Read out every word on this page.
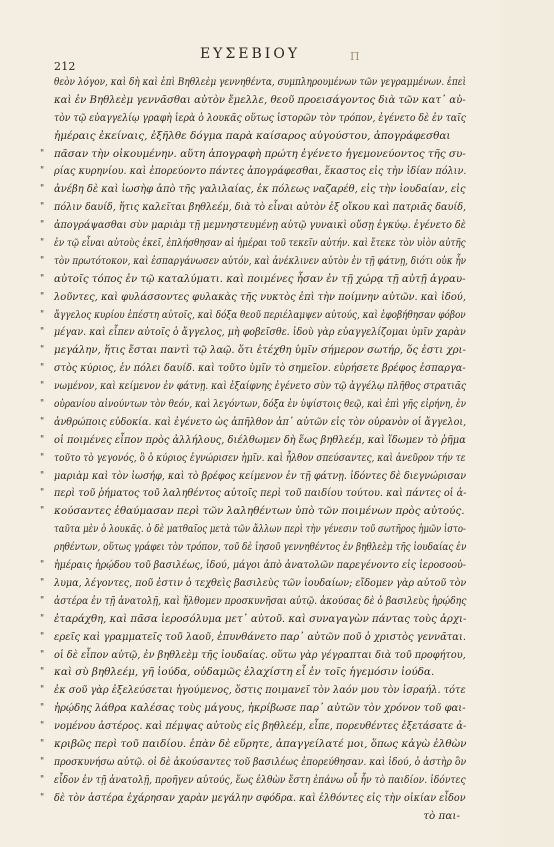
ΕΥΣΕΒΙΟΥ
212
Π
θεὸν λόγον, καὶ δὴ καὶ ἐπὶ Βηθλεὲμ γεννηθέντα, συμπληρουμένων τῶν γεγραμμένων. ἐπεὶ
καὶ ἐν Βηθλεὲμ γεννᾶσθαι αὐτὸν ἔμελλε, θεοῦ προεισάγοντος διὰ τῶν κατ᾿ αὐ-
τὸν τῷ εὐαγγελίῳ γραφὴ ἱερὰ ὁ λουκᾶς οὕτως ἱστορῶν τὸν τρόπον, ἐγένετο δὲ ἐν ταῖς
ἡμέραις ἐκείναις, ἐξῆλθε δόγμα παρὰ καίσαρος αὐγούστου, ἀπογράφεσθαι
" πᾶσαν τὴν οἰκουμένην. αὕτη ἀπογραφὴ πρώτη ἐγένετο ἡγεμονεύοντος τῆς συ-
" ρίας κυρηνίου. καὶ ἐπορεύοντο πάντες ἀπογράφεσθαι, ἕκαστος εἰς τὴν ἰδίαν πόλιν.
" ἀνέβη δὲ καὶ ἰωσὴφ ἀπὸ τῆς γαλιλαίας, ἐκ πόλεως ναζαρέθ, εἰς τὴν ἰουδαίαν, εἰς
" πόλιν δαυίδ, ἥτις καλεῖται βηθλεέμ, διὰ τὸ εἶναι αὐτὸν ἐξ οἴκου καὶ πατριᾶς δαυίδ,
" ἀπογράψασθαι σὺν μαριὰμ τῇ μεμνηστευμένῃ αὐτῷ γυναικὶ οὔσῃ ἐγκύῳ. ἐγένετο δὲ
" ἐν τῷ εἶναι αὐτοὺς ἐκεῖ, ἐπλήσθησαν αἱ ἡμέραι τοῦ τεκεῖν αὐτήν. καὶ ἔτεκε τὸν υἱὸν αὐτῆς
" τὸν πρωτότοκον, καὶ ἐσπαργάνωσεν αὐτόν, καὶ ἀνέκλινεν αὐτὸν ἐν τῇ φάτνῃ, διότι οὐκ ἦν
" αὐτοῖς τόπος ἐν τῷ καταλύματι. καὶ ποιμένες ἦσαν ἐν τῇ χώρᾳ τῇ αὐτῇ ἀγραυ-
" λοῦντες, καὶ φυλάσσοντες φυλακὰς τῆς νυκτὸς ἐπὶ τὴν ποίμνην αὐτῶν. καὶ ἰδού,
" ἄγγελος κυρίου ἐπέστη αὐτοῖς, καὶ δόξα θεοῦ περιέλαμψεν αὐτούς, καὶ ἐφοβήθησαν φόβον
" μέγαν. καὶ εἶπεν αὐτοῖς ὁ ἄγγελος, μὴ φοβεῖσθε. ἰδοὺ γὰρ εὐαγγελίζομαι ὑμῖν χαρὰν
" μεγάλην, ἥτις ἔσται παντὶ τῷ λαῷ. ὅτι ἐτέχθη ὑμῖν σήμερον σωτήρ, ὅς ἐστι χρι-
" στὸς κύριος, ἐν πόλει δαυίδ. καὶ τοῦτο ὑμῖν τὸ σημεῖον. εὑρήσετε βρέφος ἐσπαργα-
" νωμένον, καὶ κείμενον ἐν φάτνῃ. καὶ ἐξαίφνης ἐγένετο σὺν τῷ ἀγγέλῳ πλῆθος στρατιᾶς
" οὐρανίου αἰνούντων τὸν θεόν, καὶ λεγόντων, δόξα ἐν ὑψίστοις θεῷ, καὶ ἐπὶ γῆς εἰρήνη, ἐν
" ἀνθρώποις εὐδοκία. καὶ ἐγένετο ὡς ἀπῆλθον ἀπ᾿ αὐτῶν εἰς τὸν οὐρανὸν οἱ ἄγγελοι,
" οἱ ποιμένες εἶπον πρὸς ἀλλήλους, διέλθωμεν δὴ ἕως βηθλεέμ, καὶ ἴδωμεν τὸ ῥῆμα
" τοῦτο τὸ γεγονός, ὃ ὁ κύριος ἐγνώρισεν ἡμῖν. καὶ ἦλθον σπεύσαντες, καὶ ἀνεῦρον τήν τε
" μαριὰμ καὶ τὸν ἰωσήφ, καὶ τὸ βρέφος κείμενον ἐν τῇ φάτνῃ. ἰδόντες δὲ διεγνώρισαν
" περὶ τοῦ ῥήματος τοῦ λαληθέντος αὐτοῖς περὶ τοῦ παιδίου τούτου. καὶ πάντες οἱ ἀ-
" κούσαντες ἐθαύμασαν περὶ τῶν λαληθέντων ὑπὸ τῶν ποιμένων πρὸς αὐτούς.
ταῦτα μὲν ὁ λουκᾶς. ὁ δὲ ματθαῖος μετὰ τῶν ἄλλων περὶ τὴν γένεσιν τοῦ σωτῆρος ἡμῶν ἱστο-
ρηθέντων, οὕτως γράφει τὸν τρόπον, τοῦ δὲ ἰησοῦ γεννηθέντος ἐν βηθλεὲμ τῆς ἰουδαίας ἐν
" ἡμέραις ἡρῴδου τοῦ βασιλέως, ἰδού, μάγοι ἀπὸ ἀνατολῶν παρεγένοντο εἰς ἱεροσοοὐ-
" λυμα, λέγοντες, ποῦ ἐστιν ὁ τεχθεὶς βασιλεὺς τῶν ἰουδαίων; εἴδομεν γὰρ αὐτοῦ τὸν
" ἀστέρα ἐν τῇ ἀνατολῇ, καὶ ἤλθομεν προσκυνῆσαι αὐτῷ. ἀκούσας δὲ ὁ βασιλεὺς ἡρῴδης
" ἐταράχθη, καὶ πᾶσα ἱεροσόλυμα μετ᾿ αὐτοῦ. καὶ συναγαγὼν πάντας τοὺς ἀρχι-
" ερεῖς καὶ γραμματεῖς τοῦ λαοῦ, ἐπυνθάνετο παρ᾿ αὐτῶν ποῦ ὁ χριστὸς γεννᾶται.
" οἱ δὲ εἶπον αὐτῷ, ἐν βηθλεὲμ τῆς ἰουδαίας. οὕτω γὰρ γέγραπται διὰ τοῦ προφήτου,
" καὶ σὺ βηθλεέμ, γῆ ἰούδα, οὐδαμῶς ἐλαχίστη εἶ ἐν τοῖς ἡγεμόσιν ἰούδα.
" ἐκ σοῦ γὰρ ἐξελεύσεται ἡγούμενος, ὅστις ποιμανεῖ τὸν λαόν μου τὸν ἰσραήλ. τότε
" ἡρῴδης λάθρα καλέσας τοὺς μάγους, ἠκρίβωσε παρ᾿ αὐτῶν τὸν χρόνον τοῦ φαι-
" νομένου ἀστέρος. καὶ πέμψας αὐτοὺς εἰς βηθλεέμ, εἶπε, πορευθέντες ἐξετάσατε ἀ-
" κριβῶς περὶ τοῦ παιδίου. ἐπὰν δὲ εὕρητε, ἀπαγγείλατέ μοι, ὅπως κἀγὼ ἐλθὼν
" προσκυνήσω αὐτῷ. οἱ δὲ ἀκούσαντες τοῦ βασιλέως ἐπορεύθησαν. καὶ ἰδού, ὁ ἀστὴρ ὃν
" εἶδον ἐν τῇ ἀνατολῇ, προῆγεν αὐτούς, ἕως ἐλθὼν ἔστη ἐπάνω οὗ ἦν τὸ παιδίον. ἰδόντες
" δὲ τὸν ἀστέρα ἐχάρησαν χαρὰν μεγάλην σφόδρα. καὶ ἐλθόντες εἰς τὴν οἰκίαν εἶδον
τὸ παι-
